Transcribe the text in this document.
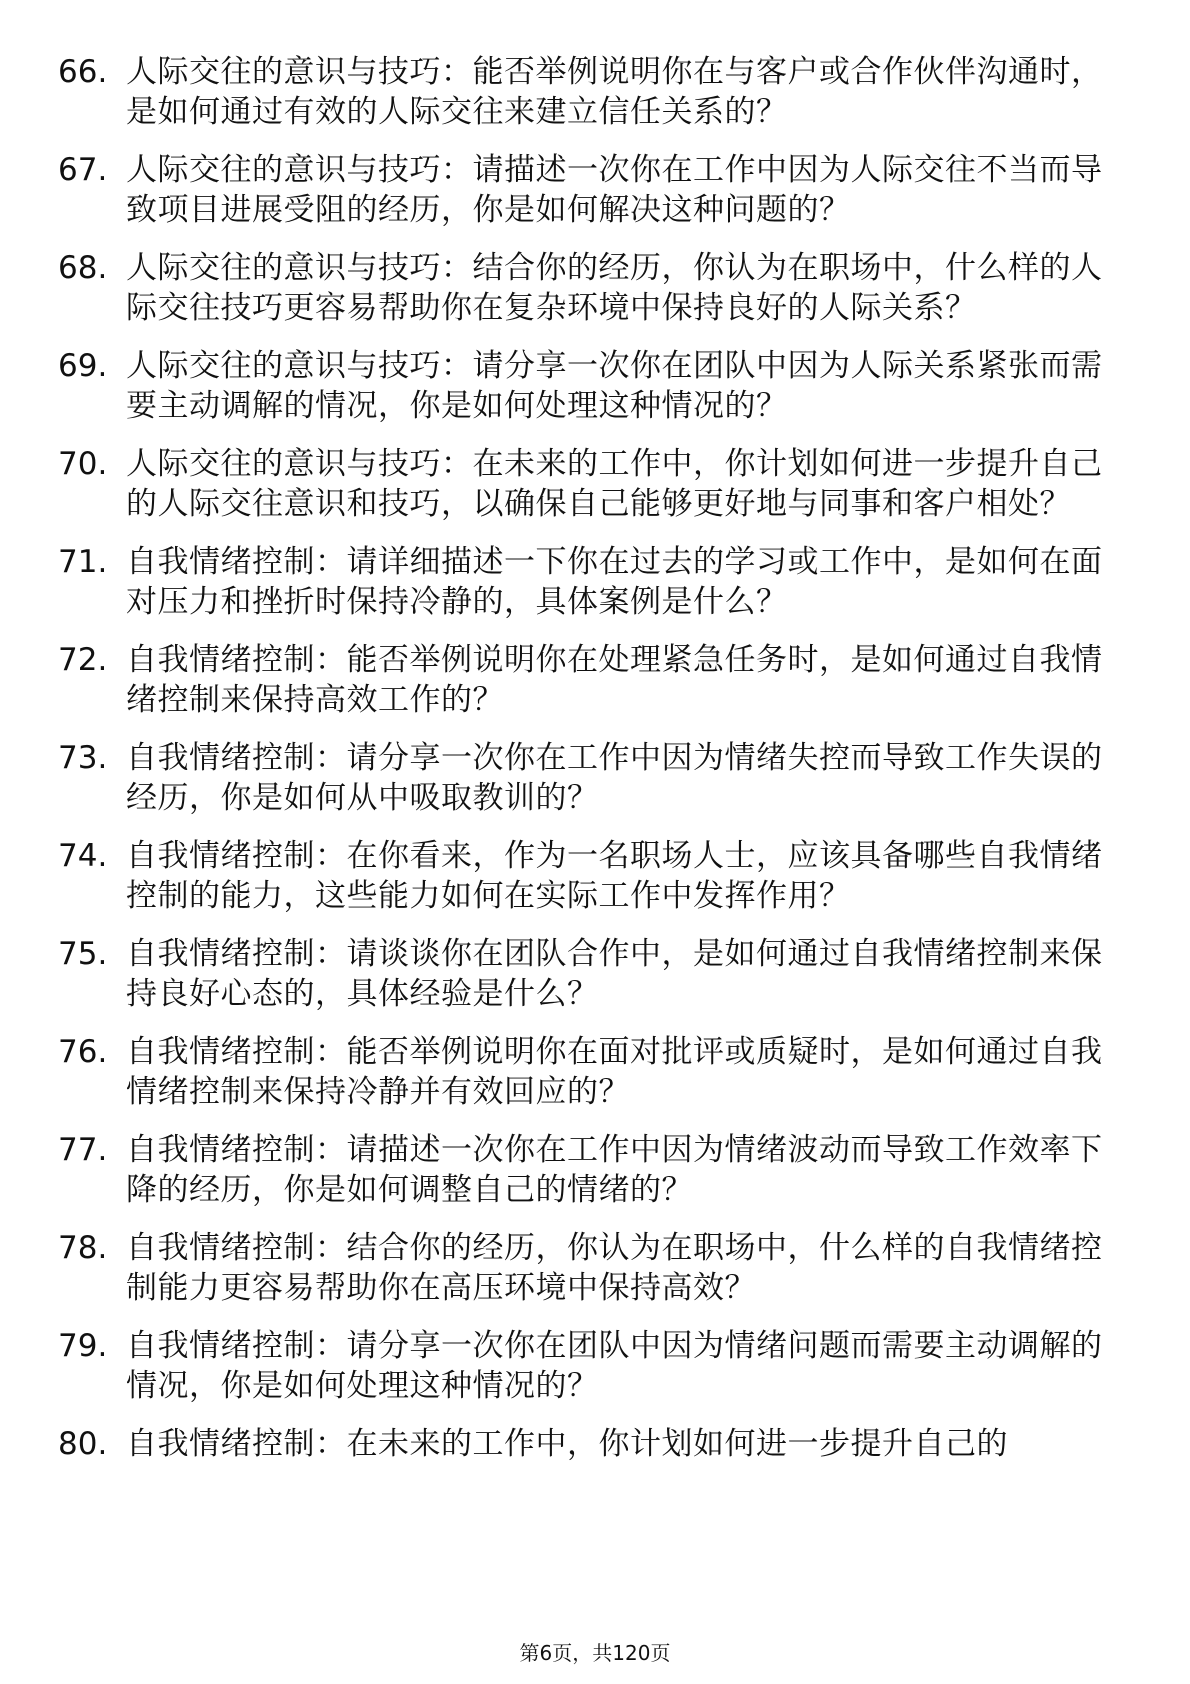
66. 人际交往的意识与技巧：能否举例说明你在与客户或合作伙伴沟通时，是如何通过有效的人际交往来建立信任关系的？
67. 人际交往的意识与技巧：请描述一次你在工作中因为人际交往不当而导致项目进展受阻的经历，你是如何解决这种问题的？
68. 人际交往的意识与技巧：结合你的经历，你认为在职场中，什么样的人际交往技巧更容易帮助你在复杂环境中保持良好的人际关系？
69. 人际交往的意识与技巧：请分享一次你在团队中因为人际关系紧张而需要主动调解的情况，你是如何处理这种情况的？
70. 人际交往的意识与技巧：在未来的工作中，你计划如何进一步提升自己的人际交往意识和技巧，以确保自己能够更好地与同事和客户相处？
71. 自我情绪控制：请详细描述一下你在过去的学习或工作中，是如何在面对压力和挫折时保持冷静的，具体案例是什么？
72. 自我情绪控制：能否举例说明你在处理紧急任务时，是如何通过自我情绪控制来保持高效工作的？
73. 自我情绪控制：请分享一次你在工作中因为情绪失控而导致工作失误的经历，你是如何从中吸取教训的？
74. 自我情绪控制：在你看来，作为一名职场人士，应该具备哪些自我情绪控制的能力，这些能力如何在实际工作中发挥作用？
75. 自我情绪控制：请谈谈你在团队合作中，是如何通过自我情绪控制来保持良好心态的，具体经验是什么？
76. 自我情绪控制：能否举例说明你在面对批评或质疑时，是如何通过自我情绪控制来保持冷静并有效回应的？
77. 自我情绪控制：请描述一次你在工作中因为情绪波动而导致工作效率下降的经历，你是如何调整自己的情绪的？
78. 自我情绪控制：结合你的经历，你认为在职场中，什么样的自我情绪控制能力更容易帮助你在高压环境中保持高效？
79. 自我情绪控制：请分享一次你在团队中因为情绪问题而需要主动调解的情况，你是如何处理这种情况的？
80. 自我情绪控制：在未来的工作中，你计划如何进一步提升自己的
第6页，共120页
